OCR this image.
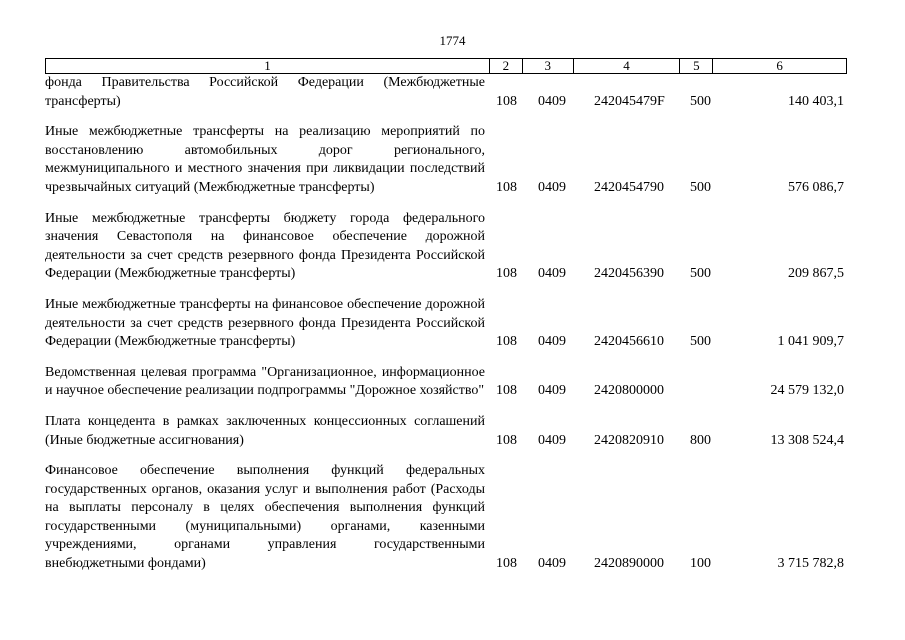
1774
1	2	3	4	5	6
фонда Правительства Российской Федерации (Межбюджетные трансферты)	108 0409 242045479F 500	140 403,1
Иные межбюджетные трансферты на реализацию мероприятий по восстановлению автомобильных дорог регионального, межмуниципального и местного значения при ликвидации последствий чрезвычайных ситуаций (Межбюджетные трансферты)	108 0409 2420454790 500	576 086,7
Иные межбюджетные трансферты бюджету города федерального значения Севастополя на финансовое обеспечение дорожной деятельности за счет средств резервного фонда Президента Российской Федерации (Межбюджетные трансферты)	108 0409 2420456390 500	209 867,5
Иные межбюджетные трансферты на финансовое обеспечение дорожной деятельности за счет средств резервного фонда Президента Российской Федерации (Межбюджетные трансферты)	108 0409 2420456610 500	1 041 909,7
Ведомственная целевая программа "Организационное, информационное и научное обеспечение реализации подпрограммы "Дорожное хозяйство" 108 0409 2420800000	24 579 132,0
Плата концедента в рамках заключенных концессионных соглашений (Иные бюджетные ассигнования)	108 0409 2420820910 800	13 308 524,4
Финансовое обеспечение выполнения функций федеральных государственных органов, оказания услуг и выполнения работ (Расходы на выплаты персоналу в целях обеспечения выполнения функций государственными (муниципальными) органами, казенными учреждениями, органами управления государственными внебюджетными фондами)	108 0409 2420890000 100	3 715 782,8
